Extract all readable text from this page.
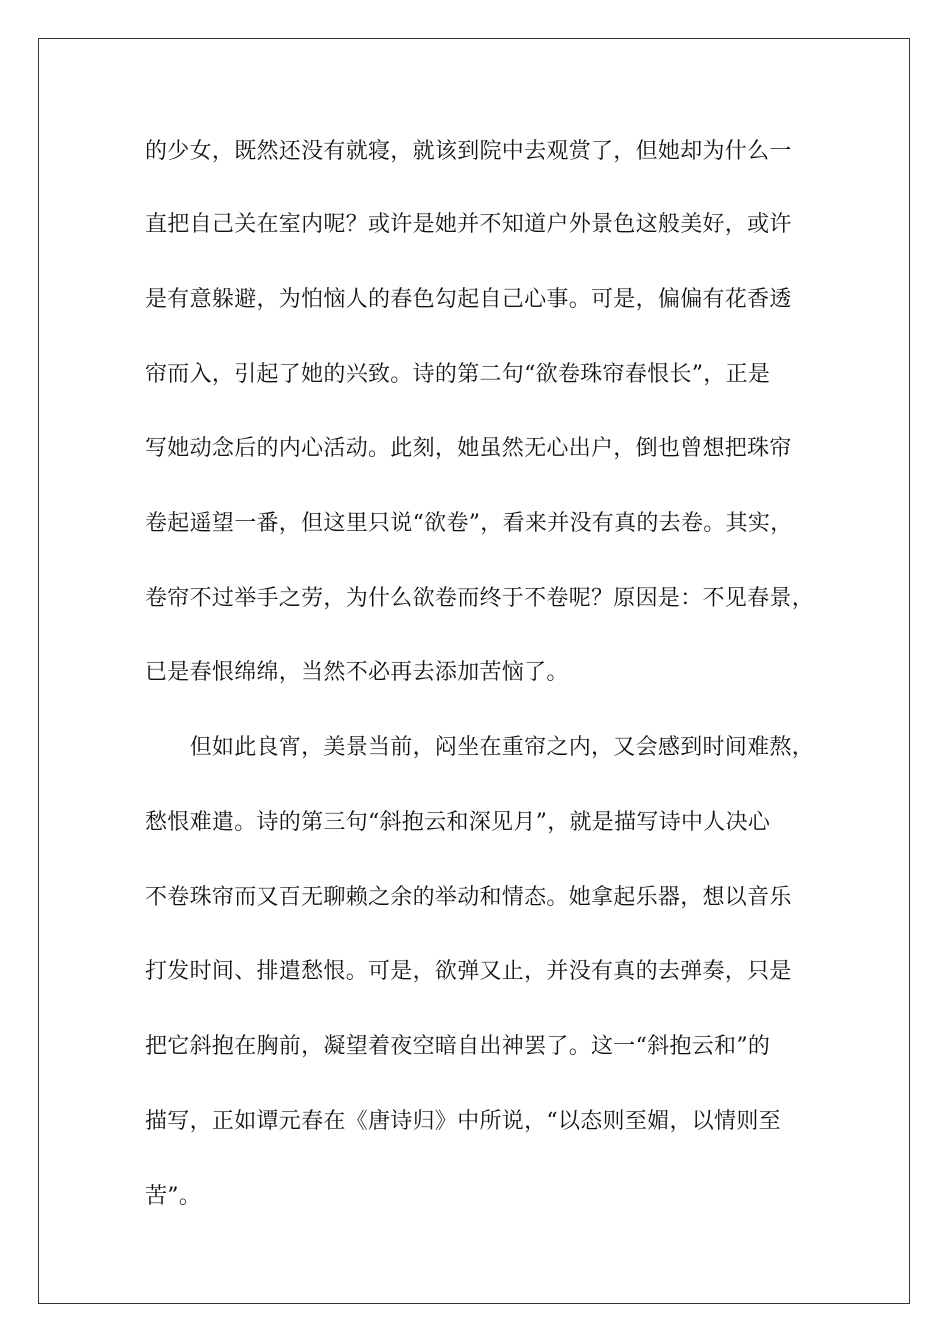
的少女，既然还没有就寝，就该到院中去观赏了，但她却为什么一
直把自己关在室内呢？或许是她并不知道户外景色这般美好，或许
是有意躲避，为怕恼人的春色勾起自己心事。可是，偏偏有花香透
帘而入，引起了她的兴致。诗的第二句“欲卷珠帘春恨长”，正是
写她动念后的内心活动。此刻，她虽然无心出户，倒也曾想把珠帘
卷起遥望一番，但这里只说“欲卷”，看来并没有真的去卷。其实，
卷帘不过举手之劳，为什么欲卷而终于不卷呢？原因是：不见春景，
已是春恨绵绵，当然不必再去添加苦恼了。
　　但如此良宵，美景当前，闷坐在重帘之内，又会感到时间难熬，
愁恨难遣。诗的第三句“斜抱云和深见月”，就是描写诗中人决心
不卷珠帘而又百无聊赖之余的举动和情态。她拿起乐器，想以音乐
打发时间、排遣愁恨。可是，欲弹又止，并没有真的去弹奏，只是
把它斜抱在胸前，凝望着夜空暗自出神罢了。这一“斜抱云和”的
描写，正如谭元春在《唐诗归》中所说，“以态则至媚，以情则至
苦”。
